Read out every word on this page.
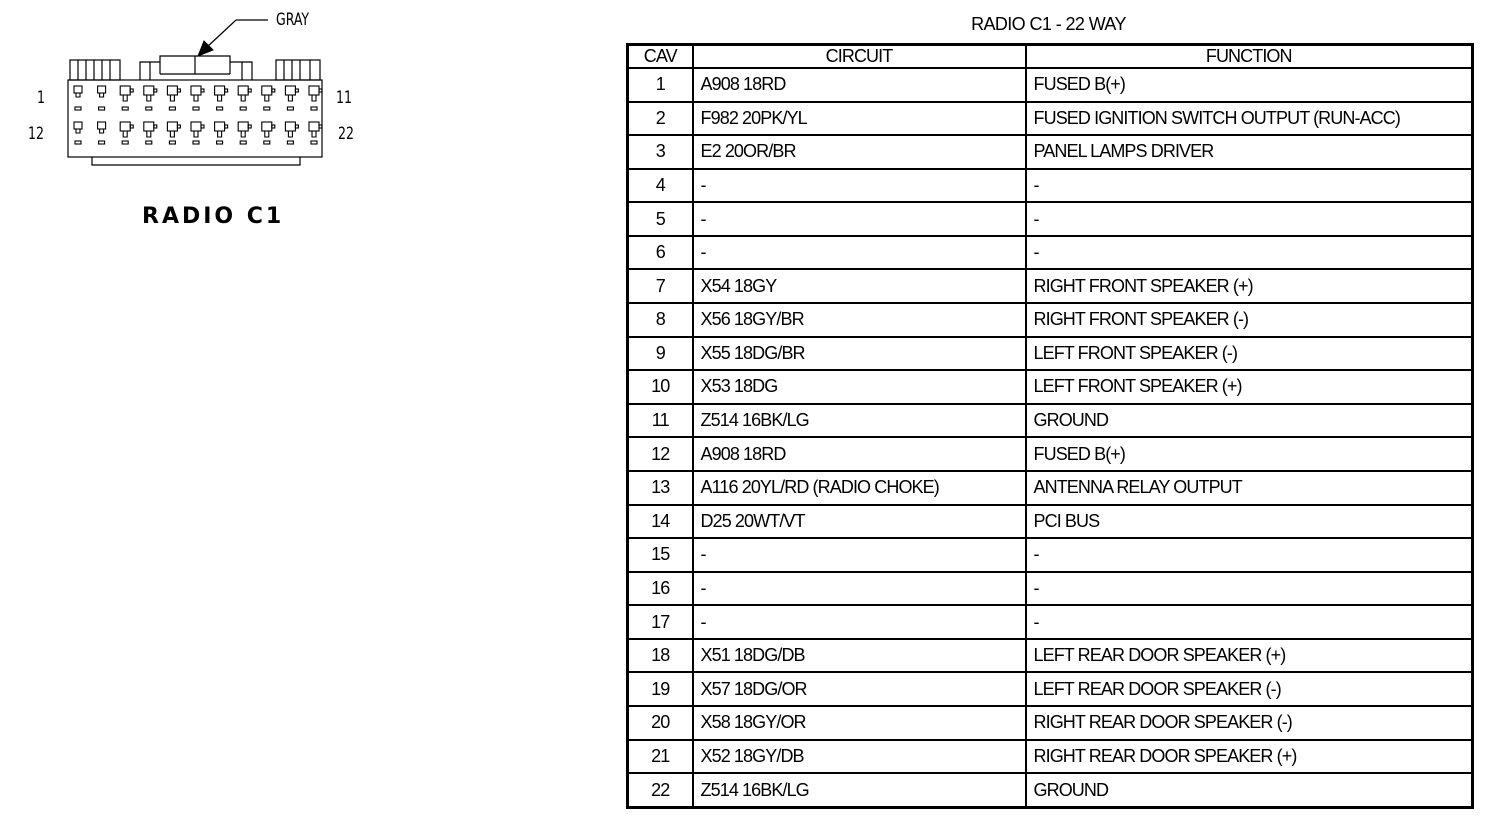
GRAY
1	11
12	22
RADIO C1
RADIO C1 - 22 WAY
CAV	CIRCUIT	FUNCTION
1	A908 18RD	FUSED B(+)
2	F982 20PK/YL	FUSED IGNITION SWITCH OUTPUT (RUN-ACC)
3	E2 20OR/BR	PANEL LAMPS DRIVER
4	-	-
5	-	-
6	-	-
7	X54 18GY	RIGHT FRONT SPEAKER (+)
8	X56 18GY/BR	RIGHT FRONT SPEAKER (-)
9	X55 18DG/BR	LEFT FRONT SPEAKER (-)
10	X53 18DG	LEFT FRONT SPEAKER (+)
11	Z514 16BK/LG	GROUND
12	A908 18RD	FUSED B(+)
13	A116 20YL/RD (RADIO CHOKE)	ANTENNA RELAY OUTPUT
14	D25 20WT/VT	PCI BUS
15	-	-
16	-	-
17	-	-
18	X51 18DG/DB	LEFT REAR DOOR SPEAKER (+)
19	X57 18DG/OR	LEFT REAR DOOR SPEAKER (-)
20	X58 18GY/OR	RIGHT REAR DOOR SPEAKER (-)
21	X52 18GY/DB	RIGHT REAR DOOR SPEAKER (+)
22	Z514 16BK/LG	GROUND
